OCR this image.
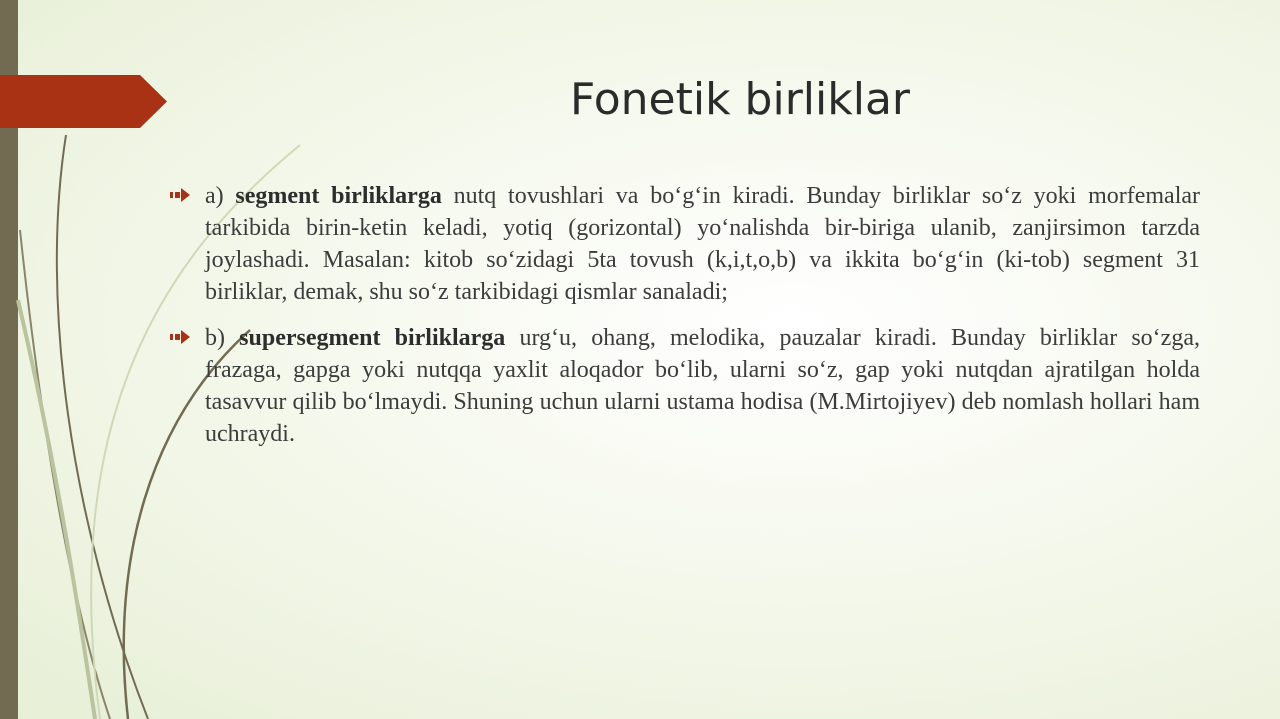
Fonetik birliklar
a) segment birliklarga nutq tovushlari va bo‘g‘in kiradi. Bunday birliklar so‘z yoki morfemalar tarkibida birin-ketin keladi, yotiq (gorizontal) yo‘nalishda bir-biriga ulanib, zanjirsimon tarzda joylashadi. Masalan: kitob so‘zidagi 5ta tovush (k,i,t,o,b) va ikkita bo‘g‘in (ki-tob) segment 31 birliklar, demak, shu so‘z tarkibidagi qismlar sanaladi;
b) supersegment birliklarga urg‘u, ohang, melodika, pauzalar kiradi. Bunday birliklar so‘zga, frazaga, gapga yoki nutqqa yaxlit aloqador bo‘lib, ularni so‘z, gap yoki nutqdan ajratilgan holda tasavvur qilib bo‘lmaydi. Shuning uchun ularni ustama hodisa (M.Mirtojiyev) deb nomlash hollari ham uchraydi.
